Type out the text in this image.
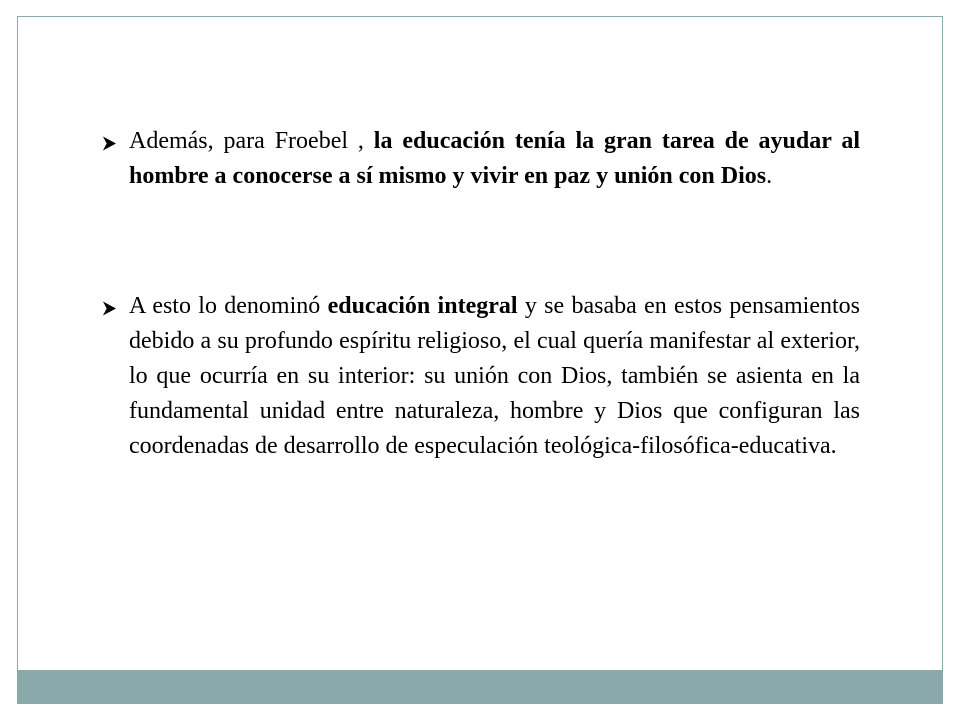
Además, para Froebel , la educación tenía la gran tarea de ayudar al hombre a conocerse a sí mismo y vivir en paz y unión con Dios.
A esto lo denominó educación integral y se basaba en estos pensamientos debido a su profundo espíritu religioso, el cual quería manifestar al exterior, lo que ocurría en su interior: su unión con Dios, también se asienta en la fundamental unidad entre naturaleza, hombre y Dios que configuran las coordenadas de desarrollo de especulación teológica-filosófica-educativa.
